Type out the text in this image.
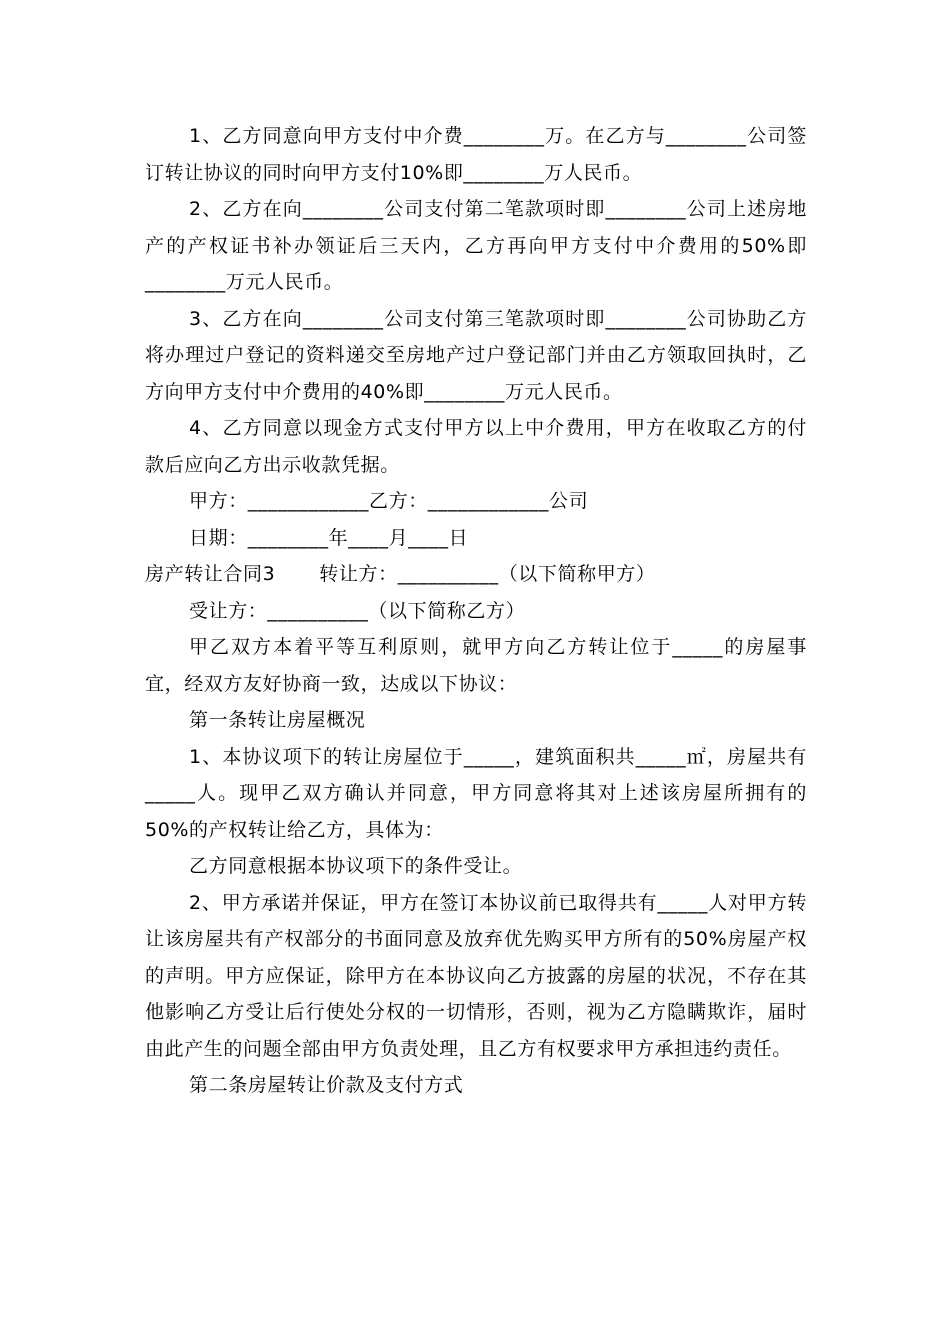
1、乙方同意向甲方支付中介费________万。在乙方与________公司签订转让协议的同时向甲方支付10%即________万人民币。

2、乙方在向________公司支付第二笔款项时即________公司上述房地产的产权证书补办领证后三天内，乙方再向甲方支付中介费用的50%即________万元人民币。

3、乙方在向________公司支付第三笔款项时即________公司协助乙方将办理过户登记的资料递交至房地产过户登记部门并由乙方领取回执时，乙方向甲方支付中介费用的40%即________万元人民币。

4、乙方同意以现金方式支付甲方以上中介费用，甲方在收取乙方的付款后应向乙方出示收款凭据。

甲方：____________乙方：____________公司

日期：________年____月____日

房产转让合同3 转让方：__________（以下简称甲方）

受让方：__________（以下简称乙方）

甲乙双方本着平等互利原则，就甲方向乙方转让位于_____的房屋事宜，经双方友好协商一致，达成以下协议：

第一条转让房屋概况

1、本协议项下的转让房屋位于_____，建筑面积共_____㎡，房屋共有_____人。现甲乙双方确认并同意，甲方同意将其对上述该房屋所拥有的50%的产权转让给乙方，具体为：

乙方同意根据本协议项下的条件受让。

2、甲方承诺并保证，甲方在签订本协议前已取得共有_____人对甲方转让该房屋共有产权部分的书面同意及放弃优先购买甲方所有的50%房屋产权的声明。甲方应保证，除甲方在本协议向乙方披露的房屋的状况，不存在其他影响乙方受让后行使处分权的一切情形，否则，视为乙方隐瞒欺诈，届时由此产生的问题全部由甲方负责处理，且乙方有权要求甲方承担违约责任。

第二条房屋转让价款及支付方式
